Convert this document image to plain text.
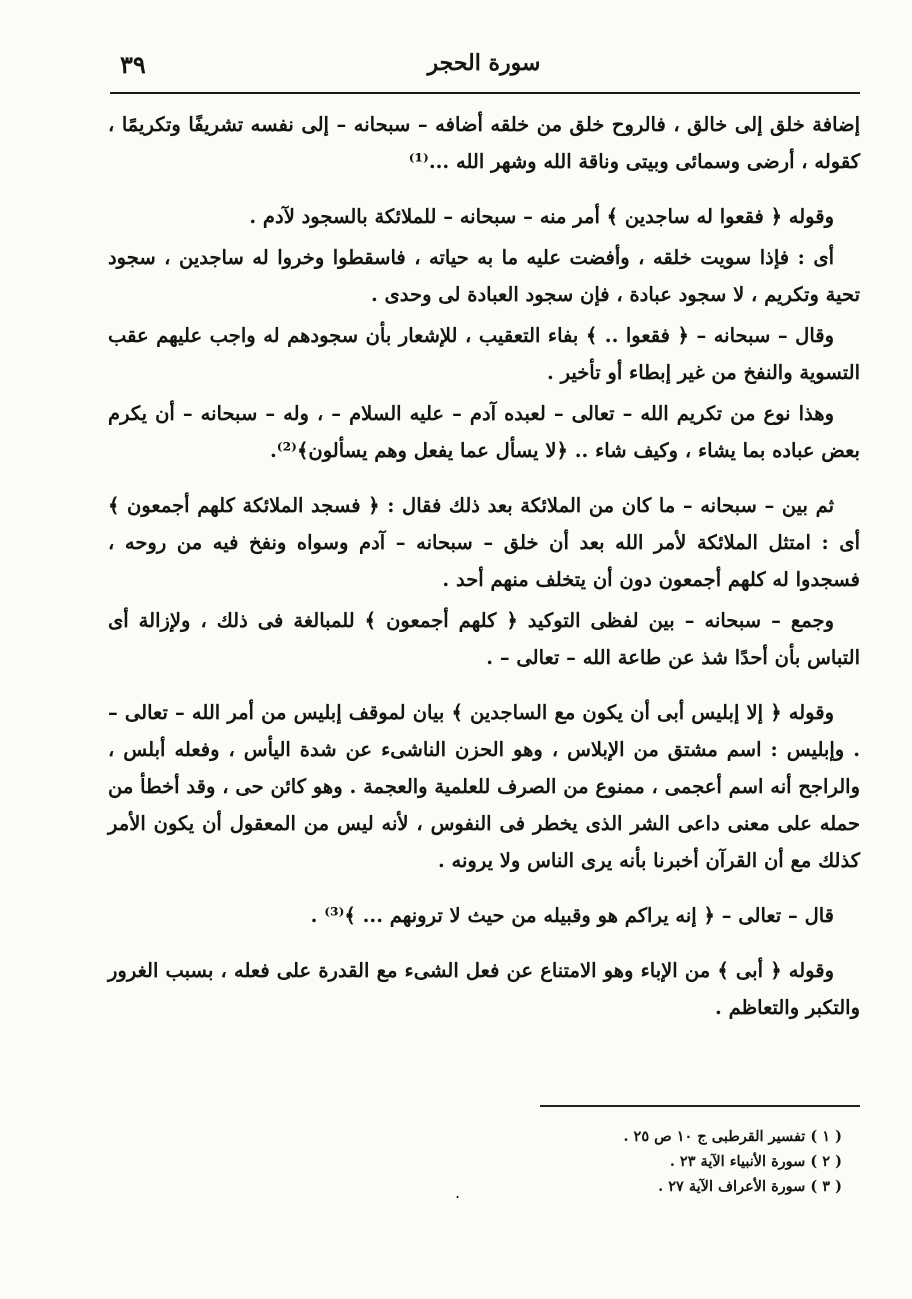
٣٩	سورة الحجر

إضافة خلق إلى خالق ، فالروح خلق من خلقه أضافه – سبحانه – إلى نفسه تشريفًا وتكريمًا ، كقوله ، أرضى وسمائى وبيتى وناقة الله وشهر الله ...⁽¹⁾

وقوله ﴿ فقعوا له ساجدين ﴾ أمر منه – سبحانه – للملائكة بالسجود لآدم .

أى : فإذا سويت خلقه ، وأفضت عليه ما به حياته ، فاسقطوا وخروا له ساجدين ، سجود تحية وتكريم ، لا سجود عبادة ، فإن سجود العبادة لى وحدى .

وقال – سبحانه – ﴿ فقعوا .. ﴾ بفاء التعقيب ، للإشعار بأن سجودهم له واجب عليهم عقب التسوية والنفخ من غير إبطاء أو تأخير .

وهذا نوع من تكريم الله – تعالى – لعبده آدم – عليه السلام – ، وله – سبحانه – أن يكرم بعض عباده بما يشاء ، وكيف شاء .. ﴿لا يسأل عما يفعل وهم يسألون﴾⁽²⁾.

ثم بين – سبحانه – ما كان من الملائكة بعد ذلك فقال : ﴿ فسجد الملائكة كلهم أجمعون ﴾ أى : امتثل الملائكة لأمر الله بعد أن خلق – سبحانه – آدم وسواه ونفخ فيه من روحه ، فسجدوا له كلهم أجمعون دون أن يتخلف منهم أحد .

وجمع – سبحانه – بين لفظى التوكيد ﴿ كلهم أجمعون ﴾ للمبالغة فى ذلك ، ولإزالة أى التباس بأن أحدًا شذ عن طاعة الله – تعالى – .

وقوله ﴿ إلا إبليس أبى أن يكون مع الساجدين ﴾ بيان لموقف إبليس من أمر الله – تعالى – . وإبليس : اسم مشتق من الإبلاس ، وهو الحزن الناشىء عن شدة اليأس ، وفعله أبلس ، والراجح أنه اسم أعجمى ، ممنوع من الصرف للعلمية والعجمة . وهو كائن حى ، وقد أخطأ من حمله على معنى داعى الشر الذى يخطر فى النفوس ، لأنه ليس من المعقول أن يكون الأمر كذلك مع أن القرآن أخبرنا بأنه يرى الناس ولا يرونه .

قال – تعالى – ﴿ إنه يراكم هو وقبيله من حيث لا ترونهم ... ﴾⁽³⁾ .

وقوله ﴿ أبى ﴾ من الإباء وهو الامتناع عن فعل الشىء مع القدرة على فعله ، بسبب الغرور والتكبر والتعاظم .

( ١ ) تفسير القرطبى ج ١٠ ص ٢٥ .
( ٢ ) سورة الأنبياء الآية ٢٣ .
( ٣ ) سورة الأعراف الآية ٢٧ .
.
